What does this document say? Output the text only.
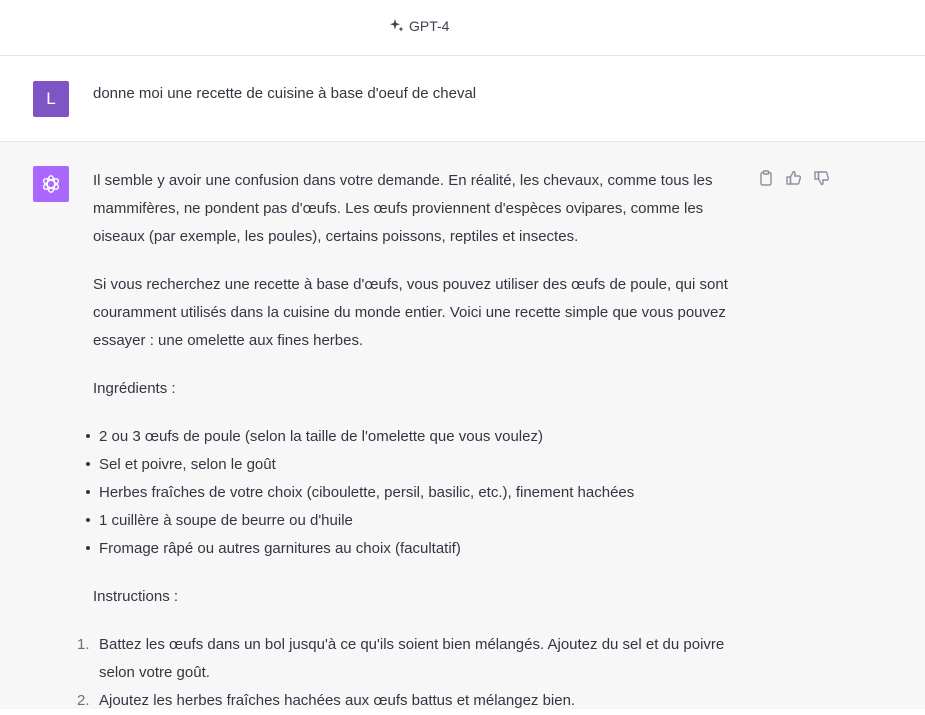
GPT-4
L donne moi une recette de cuisine à base d'oeuf de cheval

Il semble y avoir une confusion dans votre demande. En réalité, les chevaux, comme tous les mammifères, ne pondent pas d'œufs. Les œufs proviennent d'espèces ovipares, comme les oiseaux (par exemple, les poules), certains poissons, reptiles et insectes.

Si vous recherchez une recette à base d'œufs, vous pouvez utiliser des œufs de poule, qui sont couramment utilisés dans la cuisine du monde entier. Voici une recette simple que vous pouvez essayer : une omelette aux fines herbes.

Ingrédients :

2 ou 3 œufs de poule (selon la taille de l'omelette que vous voulez)
Sel et poivre, selon le goût
Herbes fraîches de votre choix (ciboulette, persil, basilic, etc.), finement hachées
1 cuillère à soupe de beurre ou d'huile
Fromage râpé ou autres garnitures au choix (facultatif)

Instructions :

1. Battez les œufs dans un bol jusqu'à ce qu'ils soient bien mélangés. Ajoutez du sel et du poivre selon votre goût.
2. Ajoutez les herbes fraîches hachées aux œufs battus et mélangez bien.
